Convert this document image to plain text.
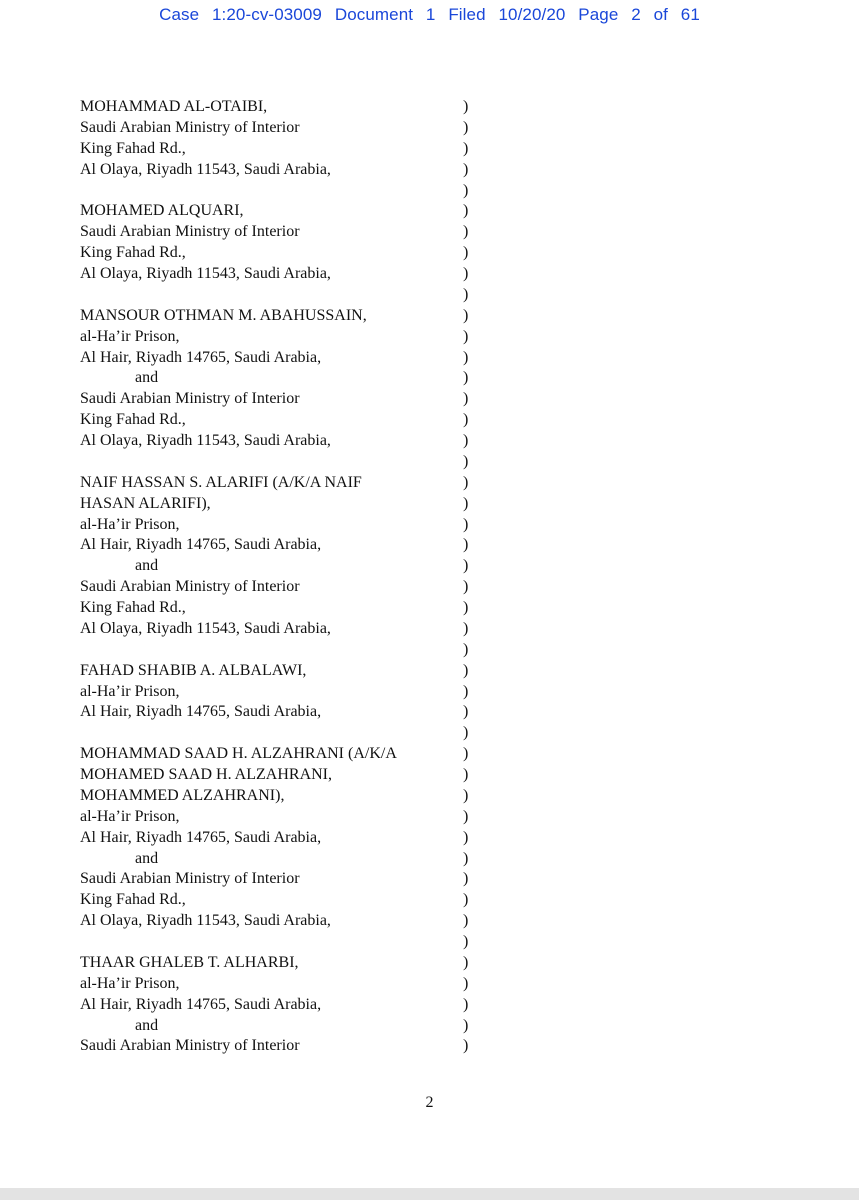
Case 1:20-cv-03009 Document 1 Filed 10/20/20 Page 2 of 61
MOHAMMAD AL-OTAIBI,	)
Saudi Arabian Ministry of Interior	)
King Fahad Rd.,	)
Al Olaya, Riyadh 11543, Saudi Arabia,	)
)
MOHAMED ALQUARI,	)
Saudi Arabian Ministry of Interior	)
King Fahad Rd.,	)
Al Olaya, Riyadh 11543, Saudi Arabia,	)
)
MANSOUR OTHMAN M. ABAHUSSAIN,	)
al-Ha’ir Prison,	)
Al Hair, Riyadh 14765, Saudi Arabia,	)
and	)
Saudi Arabian Ministry of Interior	)
King Fahad Rd.,	)
Al Olaya, Riyadh 11543, Saudi Arabia,	)
)
NAIF HASSAN S. ALARIFI (A/K/A NAIF	)
HASAN ALARIFI),	)
al-Ha’ir Prison,	)
Al Hair, Riyadh 14765, Saudi Arabia,	)
and	)
Saudi Arabian Ministry of Interior	)
King Fahad Rd.,	)
Al Olaya, Riyadh 11543, Saudi Arabia,	)
)
FAHAD SHABIB A. ALBALAWI,	)
al-Ha’ir Prison,	)
Al Hair, Riyadh 14765, Saudi Arabia,	)
)
MOHAMMAD SAAD H. ALZAHRANI (A/K/A	)
MOHAMED SAAD H. ALZAHRANI,	)
MOHAMMED ALZAHRANI),	)
al-Ha’ir Prison,	)
Al Hair, Riyadh 14765, Saudi Arabia,	)
and	)
Saudi Arabian Ministry of Interior	)
King Fahad Rd.,	)
Al Olaya, Riyadh 11543, Saudi Arabia,	)
)
THAAR GHALEB T. ALHARBI,	)
al-Ha’ir Prison,	)
Al Hair, Riyadh 14765, Saudi Arabia,	)
and	)
Saudi Arabian Ministry of Interior	)
2
